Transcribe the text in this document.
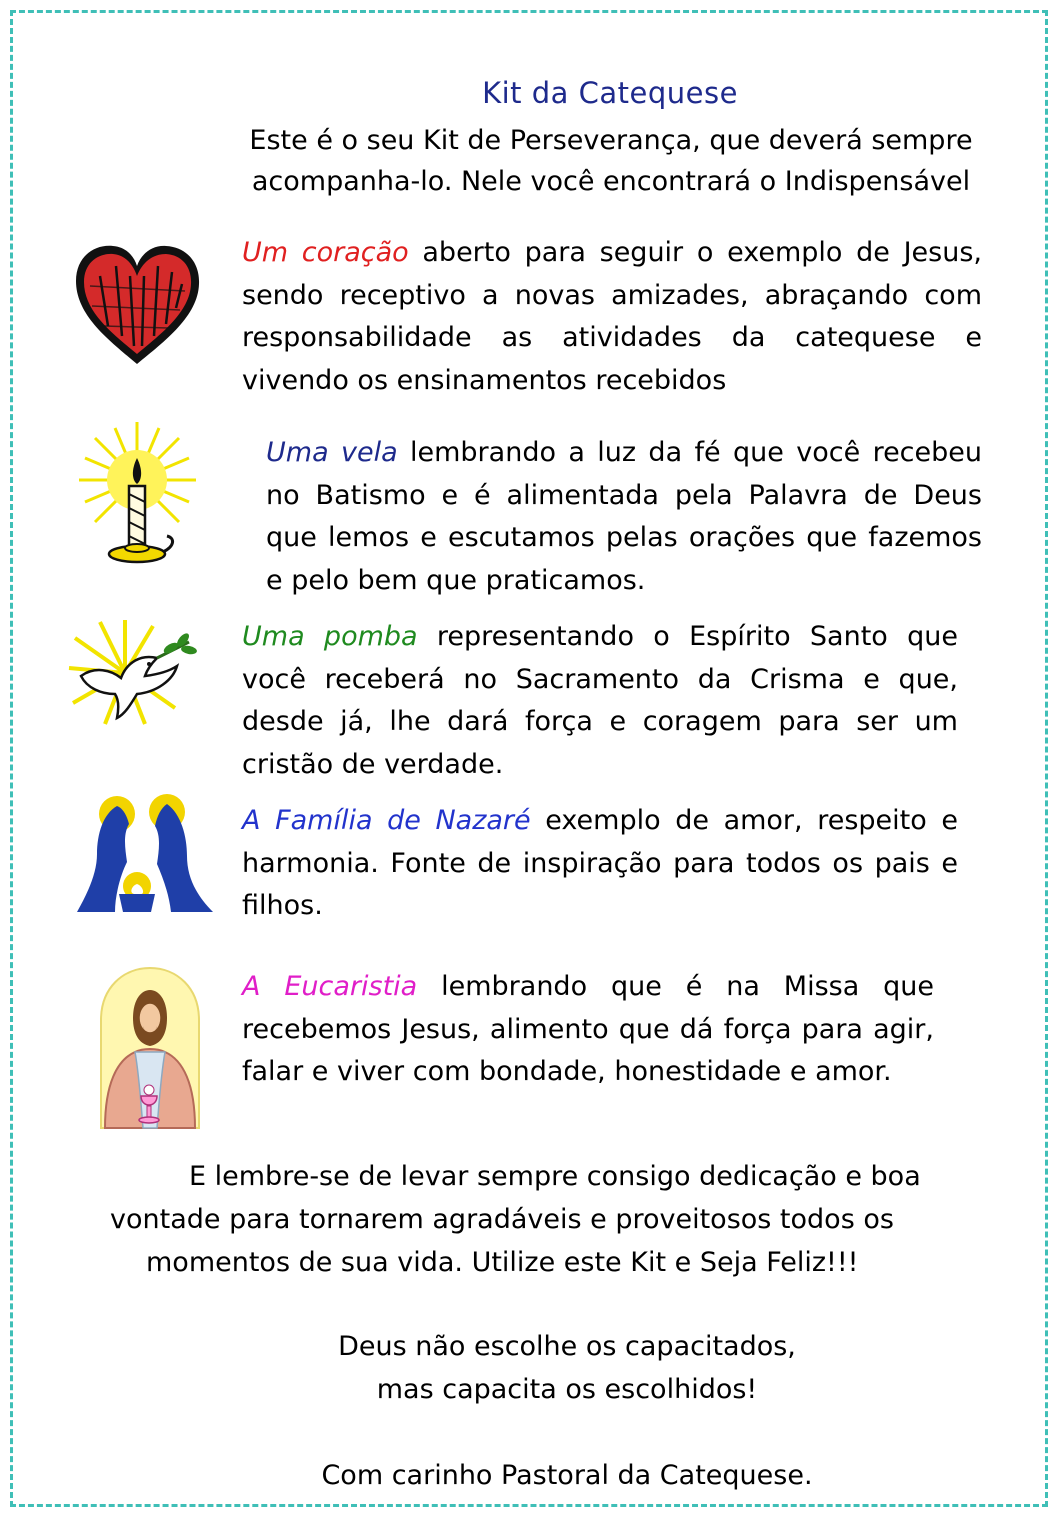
Kit da Catequese
Este é o seu Kit de Perseverança, que deverá sempre
acompanha-lo. Nele você encontrará o Indispensável

Um coração aberto para seguir o exemplo de Jesus, sendo receptivo a novas amizades, abraçando com responsabilidade as atividades da catequese e vivendo os ensinamentos recebidos

Uma vela lembrando a luz da fé que você recebeu no Batismo e é alimentada pela Palavra de Deus que lemos e escutamos pelas orações que fazemos e pelo bem que praticamos.

Uma pomba representando o Espírito Santo que você receberá no Sacramento da Crisma e que, desde já, lhe dará força e coragem para ser um cristão de verdade.

A Família de Nazaré exemplo de amor, respeito e harmonia. Fonte de inspiração para todos os pais e filhos.

A Eucaristia lembrando que é na Missa que recebemos Jesus, alimento que dá força para agir, falar e viver com bondade, honestidade e amor.

E lembre-se de levar sempre consigo dedicação e boa

vontade para tornarem agradáveis e proveitosos todos os

momentos de sua vida. Utilize este Kit e Seja Feliz!!!

Deus não escolhe os capacitados,

mas capacita os escolhidos!

Com carinho Pastoral da Catequese.
